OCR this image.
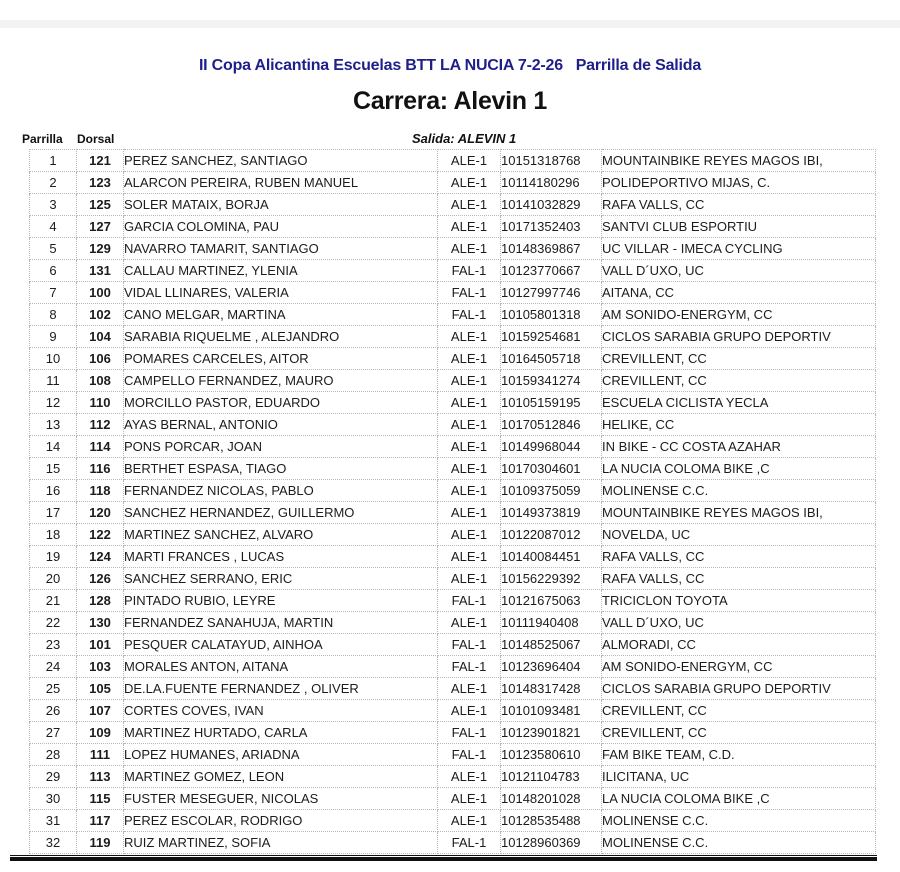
II Copa Alicantina Escuelas BTT LA NUCIA 7-2-26   Parrilla de Salida
Carrera: Alevin 1
Parrilla Dorsal	Salida: ALEVIN 1
1	121	PEREZ SANCHEZ, SANTIAGO	ALE-1	10151318768	MOUNTAINBIKE REYES MAGOS IBI,
2	123	ALARCON PEREIRA, RUBEN MANUEL	ALE-1	10114180296	POLIDEPORTIVO MIJAS, C.
3	125	SOLER MATAIX, BORJA	ALE-1	10141032829	RAFA VALLS, CC
4	127	GARCIA COLOMINA, PAU	ALE-1	10171352403	SANTVI CLUB ESPORTIU
5	129	NAVARRO TAMARIT, SANTIAGO	ALE-1	10148369867	UC VILLAR - IMECA CYCLING
6	131	CALLAU MARTINEZ, YLENIA	FAL-1	10123770667	VALL D´UXO, UC
7	100	VIDAL LLINARES, VALERIA	FAL-1	10127997746	AITANA, CC
8	102	CANO MELGAR, MARTINA	FAL-1	10105801318	AM SONIDO-ENERGYM, CC
9	104	SARABIA RIQUELME , ALEJANDRO	ALE-1	10159254681	CICLOS SARABIA GRUPO DEPORTIV
10	106	POMARES CARCELES, AITOR	ALE-1	10164505718	CREVILLENT, CC
11	108	CAMPELLO FERNANDEZ, MAURO	ALE-1	10159341274	CREVILLENT, CC
12	110	MORCILLO PASTOR, EDUARDO	ALE-1	10105159195	ESCUELA CICLISTA YECLA
13	112	AYAS BERNAL, ANTONIO	ALE-1	10170512846	HELIKE, CC
14	114	PONS PORCAR, JOAN	ALE-1	10149968044	IN BIKE - CC COSTA AZAHAR
15	116	BERTHET ESPASA, TIAGO	ALE-1	10170304601	LA NUCIA COLOMA BIKE ,C
16	118	FERNANDEZ NICOLAS, PABLO	ALE-1	10109375059	MOLINENSE C.C.
17	120	SANCHEZ HERNANDEZ, GUILLERMO	ALE-1	10149373819	MOUNTAINBIKE REYES MAGOS IBI,
18	122	MARTINEZ SANCHEZ, ALVARO	ALE-1	10122087012	NOVELDA, UC
19	124	MARTI FRANCES , LUCAS	ALE-1	10140084451	RAFA VALLS, CC
20	126	SANCHEZ SERRANO, ERIC	ALE-1	10156229392	RAFA VALLS, CC
21	128	PINTADO RUBIO, LEYRE	FAL-1	10121675063	TRICICLON TOYOTA
22	130	FERNANDEZ SANAHUJA, MARTIN	ALE-1	10111940408	VALL D´UXO, UC
23	101	PESQUER CALATAYUD, AINHOA	FAL-1	10148525067	ALMORADI, CC
24	103	MORALES ANTON, AITANA	FAL-1	10123696404	AM SONIDO-ENERGYM, CC
25	105	DE.LA.FUENTE FERNANDEZ , OLIVER	ALE-1	10148317428	CICLOS SARABIA GRUPO DEPORTIV
26	107	CORTES COVES, IVAN	ALE-1	10101093481	CREVILLENT, CC
27	109	MARTINEZ HURTADO, CARLA	FAL-1	10123901821	CREVILLENT, CC
28	111	LOPEZ HUMANES, ARIADNA	FAL-1	10123580610	FAM BIKE TEAM, C.D.
29	113	MARTINEZ GOMEZ, LEON	ALE-1	10121104783	ILICITANA, UC
30	115	FUSTER MESEGUER, NICOLAS	ALE-1	10148201028	LA NUCIA COLOMA BIKE ,C
31	117	PEREZ ESCOLAR, RODRIGO	ALE-1	10128535488	MOLINENSE C.C.
32	119	RUIZ MARTINEZ, SOFIA	FAL-1	10128960369	MOLINENSE C.C.
